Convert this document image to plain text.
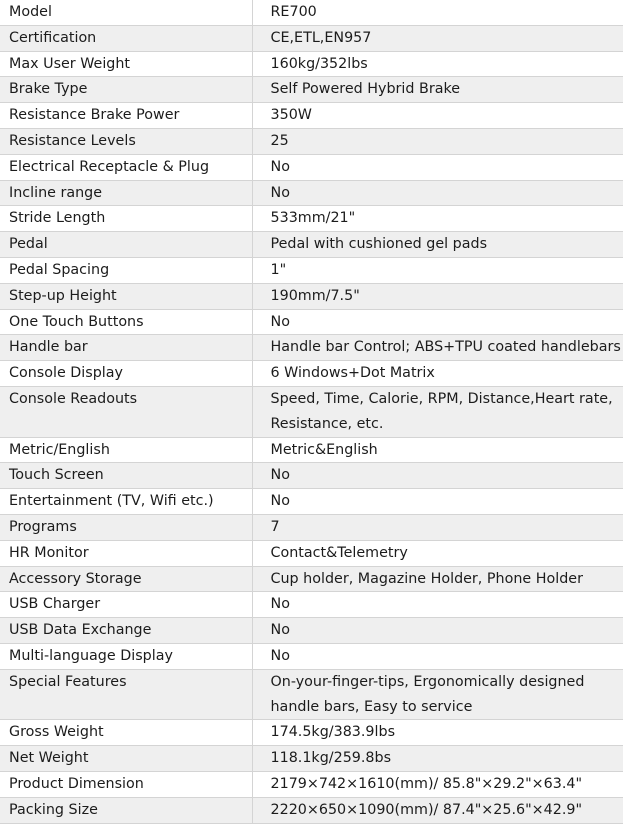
Model	RE700
Certification	CE,ETL,EN957
Max User Weight	160kg/352lbs
Brake Type	Self Powered Hybrid Brake
Resistance Brake Power	350W
Resistance Levels	25
Electrical Receptacle & Plug	No
Incline range	No
Stride Length	533mm/21"
Pedal	Pedal with cushioned gel pads
Pedal Spacing	1"
Step-up Height	190mm/7.5"
One Touch Buttons	No
Handle bar	Handle bar Control; ABS+TPU coated handlebars
Console Display	6 Windows+Dot Matrix
Console Readouts	Speed, Time, Calorie, RPM, Distance,Heart rate, Resistance, etc.
Metric/English	Metric&English
Touch Screen	No
Entertainment (TV, Wifi etc.)	No
Programs	7
HR Monitor	Contact&Telemetry
Accessory Storage	Cup holder, Magazine Holder, Phone Holder
USB Charger	No
USB Data Exchange	No
Multi-language Display	No
Special Features	On-your-finger-tips, Ergonomically designed handle bars, Easy to service
Gross Weight	174.5kg/383.9lbs
Net Weight	118.1kg/259.8bs
Product Dimension	2179×742×1610(mm)/ 85.8"×29.2"×63.4"
Packing Size	2220×650×1090(mm)/ 87.4"×25.6"×42.9"
